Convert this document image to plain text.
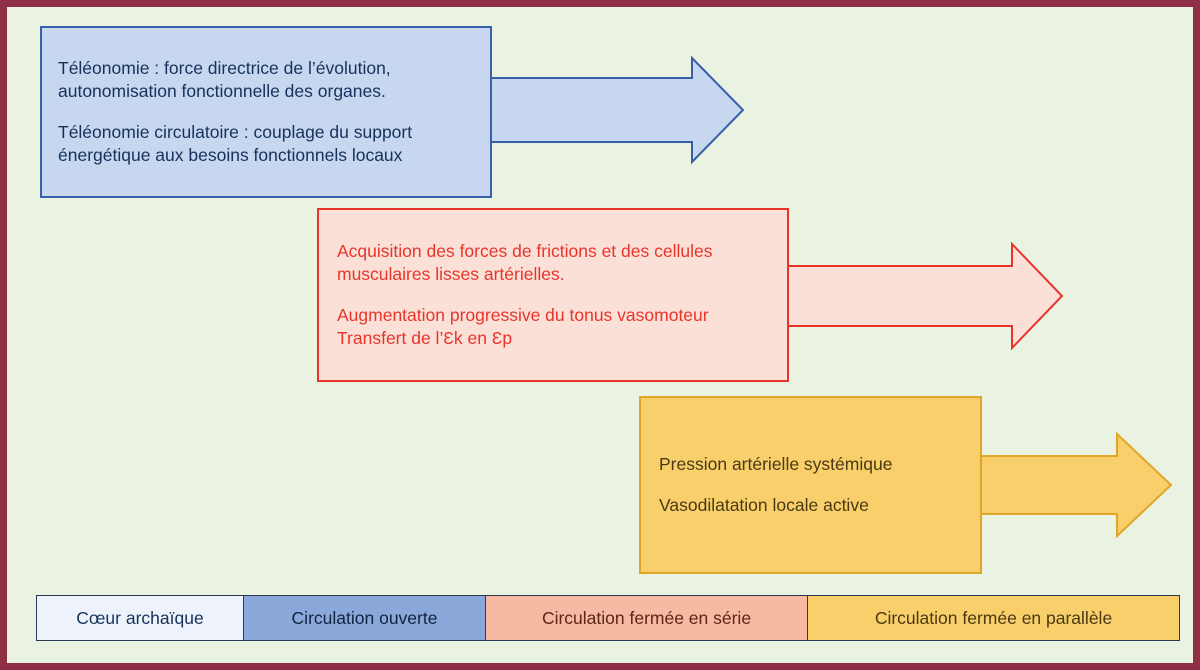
Téléonomie : force directrice de l’évolution, autonomisation fonctionnelle des organes.

Téléonomie circulatoire : couplage du support énergétique aux besoins fonctionnels locaux

Acquisition des forces de frictions et des cellules musculaires lisses artérielles.

Augmentation progressive du tonus vasomoteur Transfert de l’Ɛk en Ɛp

Pression artérielle systémique

Vasodilatation locale active

Cœur archaïque	Circulation ouverte	Circulation fermée en série	Circulation fermée en parallèle
